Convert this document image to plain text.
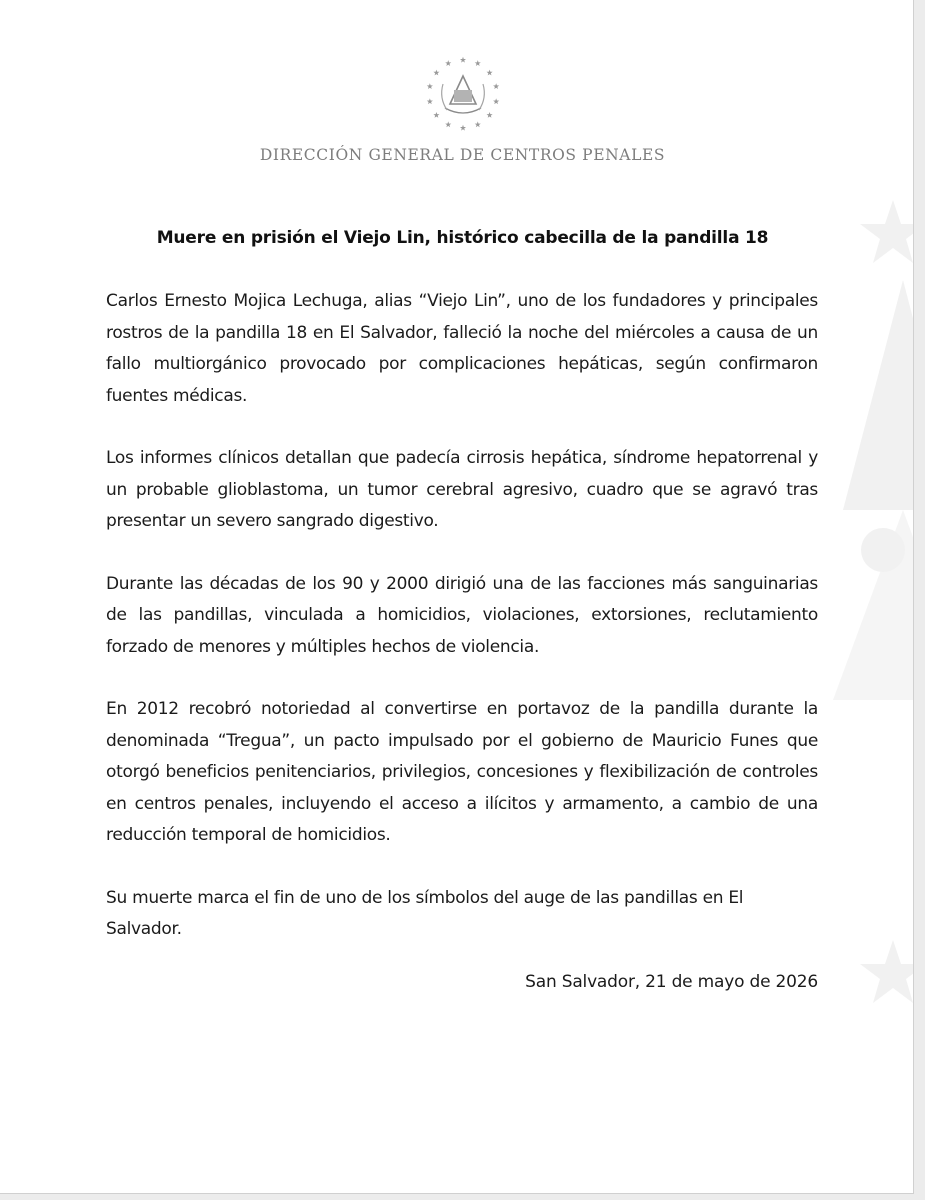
DIRECCIÓN GENERAL DE CENTROS PENALES
Muere en prisión el Viejo Lin, histórico cabecilla de la pandilla 18

Carlos Ernesto Mojica Lechuga, alias “Viejo Lin”, uno de los fundadores y principales rostros de la pandilla 18 en El Salvador, falleció la noche del miércoles a causa de un fallo multiorgánico provocado por complicaciones hepáticas, según confirmaron fuentes médicas.

Los informes clínicos detallan que padecía cirrosis hepática, síndrome hepatorrenal y un probable glioblastoma, un tumor cerebral agresivo, cuadro que se agravó tras presentar un severo sangrado digestivo.

Durante las décadas de los 90 y 2000 dirigió una de las facciones más sanguinarias de las pandillas, vinculada a homicidios, violaciones, extorsiones, reclutamiento forzado de menores y múltiples hechos de violencia.

En 2012 recobró notoriedad al convertirse en portavoz de la pandilla durante la denominada “Tregua”, un pacto impulsado por el gobierno de Mauricio Funes que otorgó beneficios penitenciarios, privilegios, concesiones y flexibilización de controles en centros penales, incluyendo el acceso a ilícitos y armamento, a cambio de una reducción temporal de homicidios.

Su muerte marca el fin de uno de los símbolos del auge de las pandillas en El Salvador.

San Salvador, 21 de mayo de 2026
